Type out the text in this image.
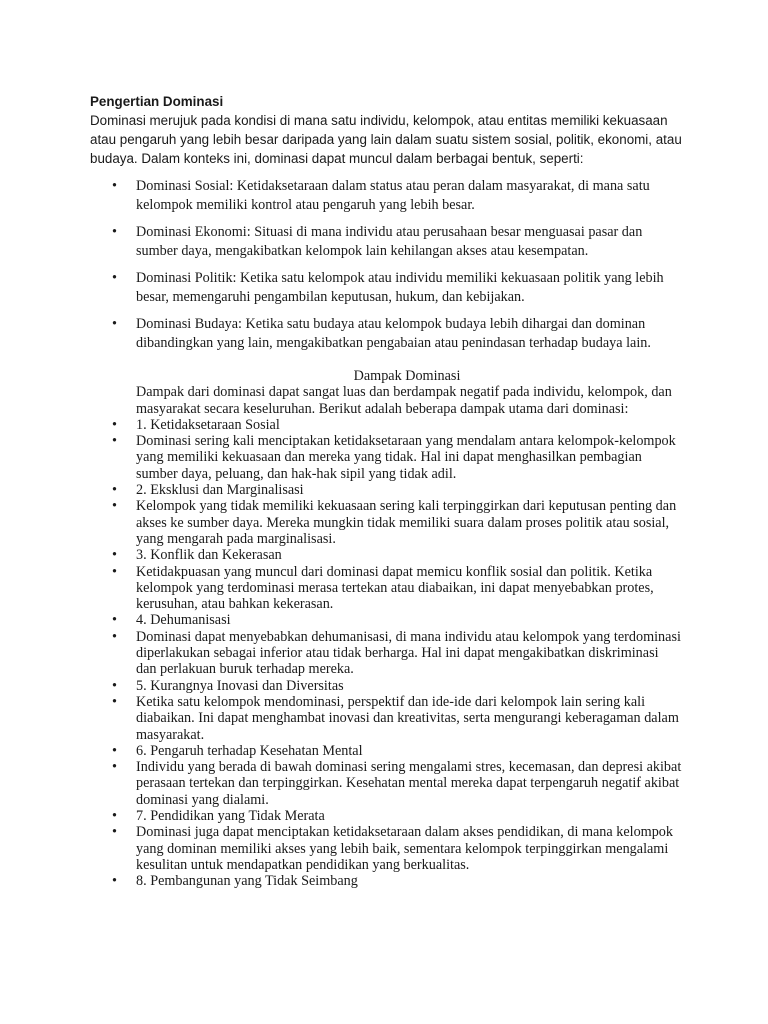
Pengertian Dominasi

Dominasi merujuk pada kondisi di mana satu individu, kelompok, atau entitas memiliki kekuasaan atau pengaruh yang lebih besar daripada yang lain dalam suatu sistem sosial, politik, ekonomi, atau budaya. Dalam konteks ini, dominasi dapat muncul dalam berbagai bentuk, seperti:

•	Dominasi Sosial: Ketidaksetaraan dalam status atau peran dalam masyarakat, di mana satu kelompok memiliki kontrol atau pengaruh yang lebih besar.
•	Dominasi Ekonomi: Situasi di mana individu atau perusahaan besar menguasai pasar dan sumber daya, mengakibatkan kelompok lain kehilangan akses atau kesempatan.
•	Dominasi Politik: Ketika satu kelompok atau individu memiliki kekuasaan politik yang lebih besar, memengaruhi pengambilan keputusan, hukum, dan kebijakan.
•	Dominasi Budaya: Ketika satu budaya atau kelompok budaya lebih dihargai dan dominan dibandingkan yang lain, mengakibatkan pengabaian atau penindasan terhadap budaya lain.
Dampak Dominasi
Dampak dari dominasi dapat sangat luas dan berdampak negatif pada individu, kelompok, dan masyarakat secara keseluruhan. Berikut adalah beberapa dampak utama dari dominasi:
•	1. Ketidaksetaraan Sosial
•	Dominasi sering kali menciptakan ketidaksetaraan yang mendalam antara kelompok-kelompok yang memiliki kekuasaan dan mereka yang tidak. Hal ini dapat menghasilkan pembagian sumber daya, peluang, dan hak-hak sipil yang tidak adil.
•	2. Eksklusi dan Marginalisasi
•	Kelompok yang tidak memiliki kekuasaan sering kali terpinggirkan dari keputusan penting dan akses ke sumber daya. Mereka mungkin tidak memiliki suara dalam proses politik atau sosial, yang mengarah pada marginalisasi.
•	3. Konflik dan Kekerasan
•	Ketidakpuasan yang muncul dari dominasi dapat memicu konflik sosial dan politik. Ketika kelompok yang terdominasi merasa tertekan atau diabaikan, ini dapat menyebabkan protes, kerusuhan, atau bahkan kekerasan.
•	4. Dehumanisasi
•	Dominasi dapat menyebabkan dehumanisasi, di mana individu atau kelompok yang terdominasi diperlakukan sebagai inferior atau tidak berharga. Hal ini dapat mengakibatkan diskriminasi dan perlakuan buruk terhadap mereka.
•	5. Kurangnya Inovasi dan Diversitas
•	Ketika satu kelompok mendominasi, perspektif dan ide-ide dari kelompok lain sering kali diabaikan. Ini dapat menghambat inovasi dan kreativitas, serta mengurangi keberagaman dalam masyarakat.
•	6. Pengaruh terhadap Kesehatan Mental
•	Individu yang berada di bawah dominasi sering mengalami stres, kecemasan, dan depresi akibat perasaan tertekan dan terpinggirkan. Kesehatan mental mereka dapat terpengaruh negatif akibat dominasi yang dialami.
•	7. Pendidikan yang Tidak Merata
•	Dominasi juga dapat menciptakan ketidaksetaraan dalam akses pendidikan, di mana kelompok yang dominan memiliki akses yang lebih baik, sementara kelompok terpinggirkan mengalami kesulitan untuk mendapatkan pendidikan yang berkualitas.
•	8. Pembangunan yang Tidak Seimbang
